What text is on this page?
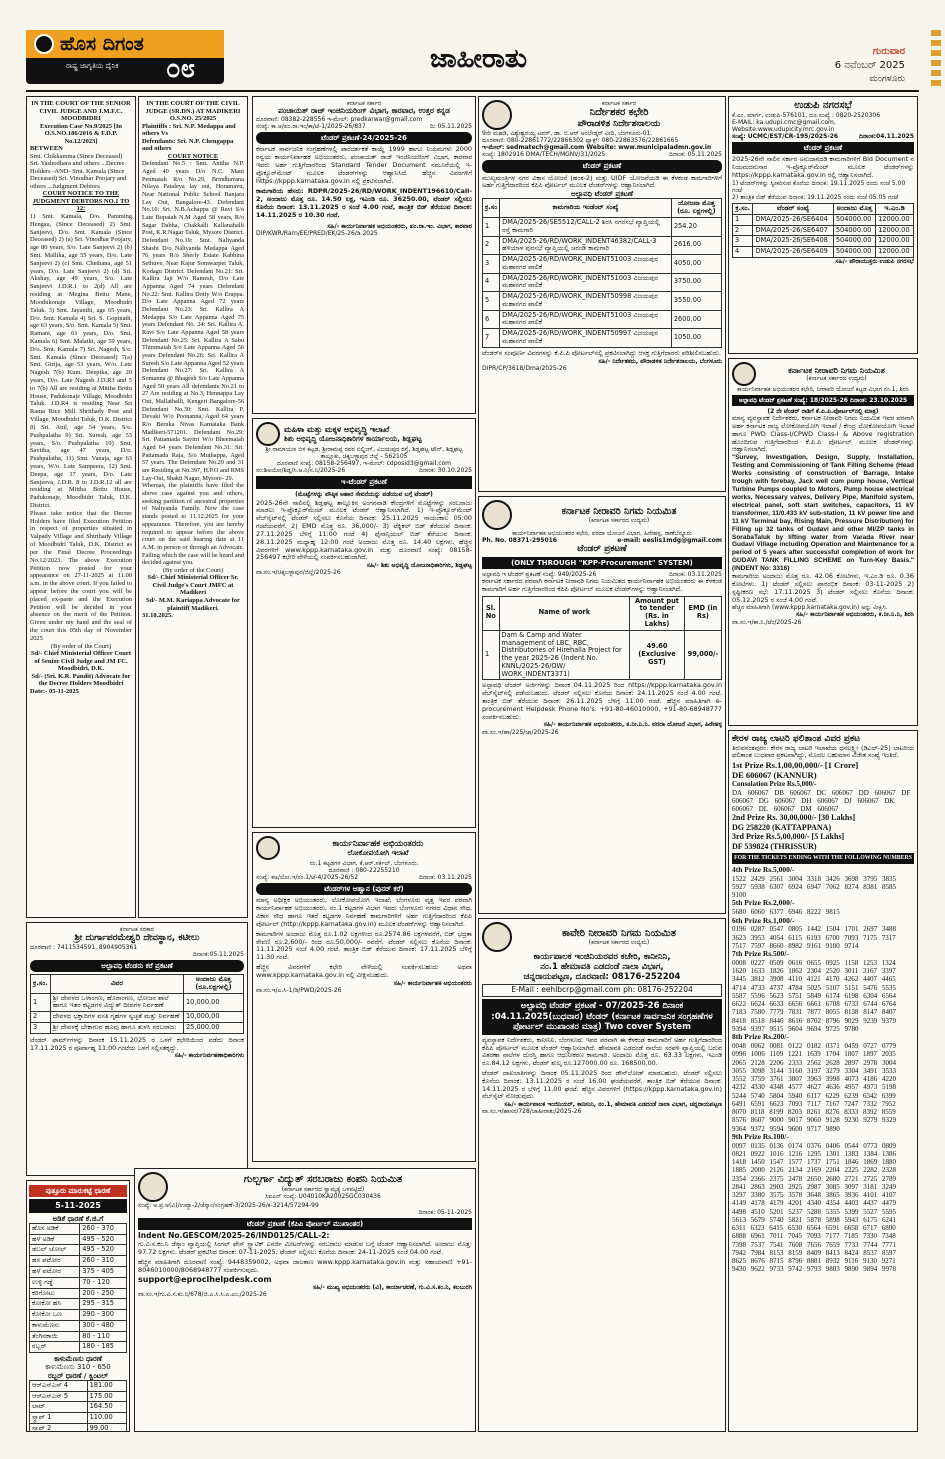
ಹೊಸ ದಿಗಂತ
ರಾಷ್ಟ್ರ ಜಾಗೃತಿಯ ದೈನಿಕ ೦೮	ಜಾಹೀರಾತು	ಗುರುವಾರ
6 ನವೆಂಬರ್ 2025
ಮಂಗಳೂರು
IN THE COURT OF THE SENIOR CIVIL JUDGE AND J.M.F.C. MOODBIDRI
Execution Case No.9/2025 [In O.S.NO.186/2016 & F.D.P. No.12/2023]
BETWEEN
Smt. Chikkamma (Since Deceased) Sri. Yashodhara and others ...Decree Holders -AND- Smt. Kamala (Since Deceased) Sri. Vinodhar Poojary and others ...Judgment Debtors
COURT NOTICE TO THE JUDGMENT DEBTORS NO.1 TO 12:
1) Smt. Kamala, D/o. Pamming Hengsu, (Since Deceased) 2) Smt. Sanjeevi, D/o. Smt. Kamala (Since Deceased) 2) (a) Sri. Vinodhar Poojary, age 80 years, S/o. Late Sanjeevi 2) (b) Smt. Mallika, age 55 years, D/o. Late Sanjeevi 2) (c) Smt. Chethana, age 51 years, D/o. Late Sanjeevi 2) (d) Sri. Akshay, age 49 years, S/o. Late Sanjeevi J.D.R.1 to 2(d) All are residing at Megina Bettu Mane, Moodukonaje Village, Moodbidri Taluk. 3) Smt. Jayanthi, age 65 years, D/o. Smt. Kamala 4) Sri. S. Gopinath, age 63 years, S/o. Smt. Kamala 5) Smt. Ramani, age 61 years, D/o. Smt. Kamala 6) Smt. Malathi, age 59 years, D/o. Smt. Kamala 7) Sri. Nagesh, S/o. Smt. Kamala (Since Deceased) 7(a) Smt. Girija, age 53 years, W/o. Late Nagesh 7(b) Kum. Deepika, age 20 years, D/o. Late Nagesh J.D.R3 and 5 to 7(b) All are residing at Mittha Bottu House, Padukonaje Village, Moodbidri Taluk. J.D.R4 is residing Near Sri Rama Rice Mill Shrithady Post and Village, Moodbidri Taluk, D.K. District 8) Sri. Anil, age 54 years, S/o. Pushpalatha 9) Sri. Suresh, age 53 years, S/o. Pushpalatha 10) Smt. Savitha, age 47 years, D/o. Pushpalatha, 11) Smt. Vanaja, age 63 years, W/o. Late Sampeera, 12) Smt. Deepa, age 37 years, D/o. Late Sanjeeva, J.D.R. 8 to J.D.R.12 all are residing at Mittha Bottu House, Padukonaje, Moodbidri Taluk, D.K. District.
Please take notice that the Decree Holders have filed Execution Petition in respect of properties situated in Valpady Village and Shirthady Village of Moodbidri Taluk, D.K. District as per the Final Decree Proceedings No.12/2023. The above Execution Petition now posted for your appearance on 27-11-2025 at 11.00 a.m. in the above court. If you failed to appear before the court you will be placed ex-parte and the Execution Petition will be decided in your absence on the merit of the Petition. Given under my hand and the seal of the court this 05th day of November 2025
(By order of the Court)
Sd/- Chief Ministerial Officer Court of Senior Civil Judge and JM FC. Moodbidri, D.K.
Sd/- (Sri. K.R. Pandit) Advocate for the Decree Holders Moodbidri
Date:- 05-11-2025
IN THE COURT OF THE CIVIL JUDGE (SR.DN.) AT MADIKERI
O.S.NO. 25/2025
Plaintiffs : Sri. N.P. Medappa and others Vs
Defendants: Sri. N.P. Chengappa and others
COURT NOTICE
Defendant No.5 : Smt. Anitha N.P. Aged 40 years D/o N.C. Mani Penmaiah R/o No.29, Brindhavana Nilaya Pataleya lay out, Horamavu, Near National Public School Banjara Lay Out, Bangalore-43. Defendant No.16: Sri. N.B.Achappa @ Ravi S/o Late Bopaiah N.M Aged 58 years, R/o Sagar Dabha, Chakkalli Kallanahalli Post, K.R.Nagar Taluk, Mysore District. Defendant No.19: Smt. Naliyanda Shashi D/o Naliyanda Medappa Aged 76 years R/o Sherly Estate Kabbina Sethuve, Near Kajur Somwarpet Taluk, Kodagu District. Defendant No.21: Sri. Kallira Jaji W/o Ramesh, D/o Late Appanna Aged 74 years Defendant No.22: Smt. Kallira Dotty W/o Erappa. D/o Late Appanna Aged 72 years Defendant No.23: Sri. Kallira A Medappa S/o Late Appanna Aged 75 years Defendant No. 24: Sri. Kallira A. Ravi S/o Late Appanna Aged 58 years Defendant No.25: Sri. Kallira A Sabu Thimmaiah S/o Late Appanna Aged 56 years Defendant No.26: Sri. Kallira A Suresh S/o Late Appanna Aged 52 years Defendant No.27: Sri. Kallira A Somanna @ Bhagesh S/o Late Appanna Aged 50 years All defendants No.21 to 27 Are residing at No.3, Hennappa Lay Out, Mallathalli, Kengeri Bangalore-56 Defendant No.30: Smt. Kallira P. Devaki W/o Poonanna, Aged 64 years R/o Beruka Nivas Karnataka Bank Madikeri-571201. Defendant No.29: Sri. Pattamada Savitri W/o Bheemaiah Aged 64 years Defendant No.31: Sri. Pattamada Raja, S/o Muthappa, Aged 57 years. The Defendant No.29 and 31 are Residing at No.397, H.P.O and RMS Lay-Out, Shakti Nagar, Mysore- 29.
Whereas, the plaintiffs have filed the above case against you and others, seeking partition of ancestral properties of Naliyanda Family. Now the case stands posted to 11.12.2025 for your appearance. Therefore, you are hereby required to appear before the above court on the said hearing date at 11 A.M. in person or through an Advocate. Failing which the case will be heard and decided against you.
(By order of the Court)
Sd/- Chief Ministerial Officer Sr. Civil Judge's Court JMFC at Madikeri
Sd/- M.M. Kariappa Advocate for plaintiff Madikeri.
31.10.2025.
ಕರ್ನಾಟಕ ಸರಕಾರ
ಶ್ರೀ ದುರ್ಗಾಪರಮೇಶ್ವರಿ ದೇವಸ್ಥಾನ, ಕಟೀಲು
ದೂರವಾಣಿ : 7411534591, 8904905361
ದಿನಾಂಕ:05.11.2025
ಅಲ್ಪಾವಧಿ ಟೆಂಡರು ಕರೆ ಪ್ರಕಟಣೆ
ಕ್ರ.ಸಂ.	ವಿವರ	ಅಂದಾಜು ಮೊತ್ತ (ರೂ.ಲಕ್ಷಗಳಲ್ಲಿ)
1	ಶ್ರೀ ದೇವಳದ ಒಳಾಂಗಣ, ಹೊರಾಂಗಣ, ಭೋಜನ ಶಾಲೆ ಹಾಗೂ ಇತರ ಕಟ್ಟಡಗಳ ವಿದ್ಯುತ್ ದೀಪಗಳ ನಿರ್ವಹಣೆ	10,000.00
2	ದೇವಳದ ಭಕ್ತಾದಿಗಳ ವಸತಿ ಗೃಹಗಳ ಸ್ವಚ್ಛತೆ ಮತ್ತು ನಿರ್ವಹಣೆ	10,000.00
3	ಶ್ರೀ ದೇವಳಕ್ಕೆ ಬೇಕಾಗುವ ಹೂವು ಹಾಗೂ ತುಳಸಿ ಸರಬರಾಜು	25,000.00
ಟೆಂಡರ್ ಫಾರ್ಮ್‌ಗಳನ್ನು ದಿನಾಂಕ 15.11.2025 ರ ಒಳಗೆ ಕಛೇರಿಯಿಂದ ಪಡೆದು ದಿನಾಂಕ 17.11.2025 ರ ಪೂರ್ವಾಹ್ನ 11.00 ಗಂಟೆಯ ಒಳಗೆ ಸಲ್ಲಿಸತಕ್ಕದ್ದು.
ಸಹಿ/- ಕಾರ್ಯನಿರ್ವಹಣಾಧಿಕಾರಿಗಳು
ಪುತ್ತೂರು ಮಾರುಕಟ್ಟೆ ಧಾರಣೆ
5-11-2025
ಅಡಿಕೆ ಧಾರಣೆ ಕೆ.ಜಿ.ಗೆ
ಹೊಸ ಅಡಿಕೆ	260 - 370
ಹಳೆ ಅಡಿಕೆ	495 - 520
ಡಬಲ್ ಚೋಲ್	495 - 520
ಹಸ ಪಟೋರ	260 - 310
ಹಳೆ ಪಟೋರ	375 - 405
ಉಳ್ಳಿ ಗಡ್ಡೆ	70 - 120
ಕರಿಗೋಟು	200 - 250
ಕೋಕೋ ಹಸಿ	295 - 315
ಕೋಕೋ ಒಣ	290 - 300
ಕಾಳುಮೆಣಸು	300 - 480
ತೆಂಗಿನಕಾಯಿ	80 - 110
ರಬ್ಬರ್	180 - 185
ಕಾಳುಮೆಣಸು ಧಾರಣೆ
ಕಾಳುಮೆಣಸು 310 - 650
ರಬ್ಬರ್ ಧಾರಣೆ / ಕ್ವಿಂಟಲ್
ಆರ್‌ಎಸ್ಎಸ್ 4	181.00
ಆರ್‌ಎಸ್ಎಸ್ 5	175.00
ಲಾಟ್	164.50
ಸ್ಕ್ರಾಪ್ 1	110.00
ಸ್ಕ್ರಾಪ್ 2	99.00
ಕರ್ನಾಟಕ ಸರ್ಕಾರ
ಪಂಚಾಯತ್ ರಾಜ್ ಇಂಜಿನಿಯರಿಂಗ್ ವಿಭಾಗ, ಕಾರವಾರ, ಉತ್ತರ ಕನ್ನಡ
ದೂರವಾಣಿ: 08382-228556 ಇ-ಮೇಲ್: predkarwar@gmail.com
ಸಂಖ್ಯೆ: ಕಾ.ಅ/ಪಂ.ರಾ.ಇಂ/ಕಾ/ಟೆ-1/2025-26/837	ದಿ: 05.11.2025
ಟೆಂಡರ್ ಪ್ರಕಟಣೆ-24/2025-26
ಕರ್ನಾಟಕ ಸಾರ್ವಜನಿಕ ಸಂಗ್ರಹಣೆಗಳಲ್ಲಿ ಪಾರದರ್ಶಕತೆ ಕಾಯ್ದೆ 1999 ಹಾಗೂ ನಿಯಮಗಳು 2000 ರನ್ವಯ ಕಾರ್ಯನಿರ್ವಾಹಕ ಅಭಿಯಂತರರು, ಪಂಚಾಯತ್ ರಾಜ್ ಇಂಜಿನಿಯರಿಂಗ್ ವಿಭಾಗ, ಕಾರವಾರ ಇವರು ಅರ್ಹ ಗುತ್ತಿಗೆದಾರರಿಂದ Standard Tender Document ನಮೂನೆಯಲ್ಲಿ ಇ-ಪ್ರೊಕ್ಯೂರ್‌ಮೆಂಟ್ ಮೂಲಕ ಟೆಂಡರ್‌ಗಳನ್ನು ಆಹ್ವಾನಿಸಿದೆ. ಹೆಚ್ಚಿನ ವಿವರಗಳಿಗೆ https://kppp.karnataka.gov.in ನಲ್ಲಿ ಪ್ರಕಟಿಸಲಾಗಿದೆ.
ಕಾಮಗಾರಿಯ ಹೆಸರು: RDPR/2025-26/RD/WORK_INDENT196610/Call-2, ಅಂದಾಜು ಮೊತ್ತ ರೂ. 14.50 ಲಕ್ಷ, ಇಎಂಡಿ ರೂ. 36250.00, ಟೆಂಡರ್ ಸಲ್ಲಿಸಲು ಕೊನೆಯ ದಿನಾಂಕ: 13.11.2025 ರ ಸಂಜೆ 4.00 ಗಂಟೆ, ತಾಂತ್ರಿಕ ಬಿಡ್ ತೆರೆಯುವ ದಿನಾಂಕ: 14.11.2025 ರ 10.30 ಗಂಟೆ.
ಸಹಿ/- ಕಾರ್ಯನಿರ್ವಾಹಕ ಅಭಿಯಂತರರು, ಪಂ.ರಾ.ಇಂ. ವಿಭಾಗ, ಕಾರವಾರ
DIP/KWR/Rarn/EE/PRED/EK/25-26/ಡಿ 2025
ಮಹಿಳಾ ಮತ್ತು ಮಕ್ಕಳ ಅಭಿವೃದ್ಧಿ ಇಲಾಖೆ
ಶಿಶು ಅಭಿವೃದ್ಧಿ ಯೋಜನಾಧಿಕಾರಿಗಳ ಕಾರ್ಯಾಲಯ, ಶಿಡ್ಲಘಟ್ಟ
ಶ್ರೀ ರಾಮಾಯಣ ಬಿಳಿ ಕಟ್ಟಡ, ಶ್ರೀರಾಮಪ್ಪ ರವರ ಬಿಲ್ಡಿಂಗ್, ವಿಜಯಪುರ ರಸ್ತೆ, ಶಿಡ್ಲಘಟ್ಟ ಟೌನ್, ಶಿಡ್ಲಘಟ್ಟ ತಾಲ್ಲೂಕು, ಚಿಕ್ಕಬಳ್ಳಾಪುರ ಜಿಲ್ಲೆ - 562105
ದೂರವಾಣಿ ಸಂಖ್ಯೆ: 08158-256497, ಇ-ಮೇಲ್: cdposid3@gmail.com
ಸಂ:ಶಿಅಯೋ/ಶಿಡ್ಲ/ಸಿ.ಆ.ನಿ/ಸ.ನಿ/2025-26	ದಿನಾಂಕ: 30.10.2025
ಇ-ಟೆಂಡರ್ ಪ್ರಕಟಣೆ
(ಮೊಟ್ಟೆಗಳನ್ನು ಪೌಷ್ಠಿಕ ಆಹಾರ ಸೇವನೆಯನ್ನು ಪಡೆಯುವ ಬಗ್ಗೆ ಟೆಂಡರ್)
2025-26ನೇ ಸಾಲಿನಲ್ಲಿ ಶಿಡ್ಲಘಟ್ಟ ತಾಲ್ಲೂಕಿನ ಅಂಗನವಾಡಿ ಕೇಂದ್ರಗಳಿಗೆ ಮೊಟ್ಟೆಗಳನ್ನು ಸರಬರಾಜು ಮಾಡಲು ಇ-ಪ್ರೊಕ್ಯೂರ್‌ಮೆಂಟ್ ಮೂಲಕ ಟೆಂಡರ್ ಆಹ್ವಾನಿಸಲಾಗಿದೆ. 1) ಇ-ಪ್ರೊಕ್ಯೂರ್‌ಮೆಂಟ್ ವೆಬ್‌ಸೈಟ್‌ನಲ್ಲಿ ಟೆಂಡರ್ ಸಲ್ಲಿಸಲು ಕೊನೆಯ ದಿನಾಂಕ: 25.11.2025 ಸಾಯಂಕಾಲ 05:00 ಗಂಟೆಯವರೆಗೆ. 2) EMD ಮೊತ್ತ ರೂ. 36,000/- 3) ಟೆಕ್ನಿಕಲ್ ಬಿಡ್ ತೆರೆಯುವ ದಿನಾಂಕ: 27.11.2025 ಬೆಳಿಗ್ಗೆ 11:00 ಗಂಟೆ 4) ಫೈನಾನ್ಸಿಯಲ್ ಬಿಡ್ ತೆರೆಯುವ ದಿನಾಂಕ: 28.11.2025 ಮಧ್ಯಾಹ್ನ 12:00 ಗಂಟೆ ಅಂದಾಜು ಮೊತ್ತ ರೂ. 14.40 ಲಕ್ಷಗಳು. ಹೆಚ್ಚಿನ ವಿವರಗಳಿಗೆ www.kppp.karnataka.gov.in ಮತ್ತು ದೂರವಾಣಿ ಸಂಖ್ಯೆ: 08158-256497 ಕಛೇರಿ ವೇಳೆಯಲ್ಲಿ ಸಂಪರ್ಕಿಸಬಹುದಾಗಿದೆ.
ಸಹಿ/- ಶಿಶು ಅಭಿವೃದ್ಧಿ ಯೋಜನಾಧಿಕಾರಿಗಳು, ಶಿಡ್ಲಘಟ್ಟ
ವಾ.ಸಂ.ಇ/ಚಿಕ್ಕಬಳ್ಳಾಪುರ/ಜಿಲ್ಲೆ/2025-26
ಕಾರ್ಯನಿರ್ವಾಹಕ ಅಭಿಯಂತರರು
ಲೋಕೋಪಯೋಗಿ ಇಲಾಖೆ
ನಂ.1 ಕಟ್ಟಡಗಳ ವಿಭಾಗ, ಕೆ.ಆರ್.ಸರ್ಕಲ್, ಬೆಂಗಳೂರು.
ದೂರವಾಣಿ : 080-22255210
ಸಂಖ್ಯೆ: ಕಅ/ಲೋ.ಇ/ನಂ.1/ಟೆ-4/2025-26/52	ದಿನಾಂಕ: 03.11.2025
ಟೆಂಡರ್‌ಗಳ ಆಹ್ವಾನ (ಪುನರ್ ಕರೆ)
ಮಾನ್ಯ ಅಧೀಕ್ಷಕ ಅಭಿಯಂತರರು, ಲೋಕೋಪಯೋಗಿ ಇಲಾಖೆ, ಬೆಂಗಳೂರು ವೃತ್ತ ಇವರ ಪರವಾಗಿ ಕಾರ್ಯನಿರ್ವಾಹಕ ಅಭಿಯಂತರರು, ನಂ.1 ಕಟ್ಟಡಗಳ ವಿಭಾಗ ಇವರು ಬೆಂಗಳೂರು ನಗರದ ವಿಧಾನ ಸೌಧ, ವಿಕಾಸ ಸೌಧ ಹಾಗೂ ಇತರೆ ಕಟ್ಟಡಗಳ ನಿರ್ವಹಣೆ ಕಾಮಗಾರಿಗಳಿಗೆ ಅರ್ಹ ಗುತ್ತಿಗೆದಾರರಿಂದ ಕೆಪಿಪಿ ಪೋರ್ಟಲ್ (http://kppp.karnataka.gov.in) ಮೂಲಕ ಟೆಂಡರ್‌ಗಳನ್ನು ಆಹ್ವಾನಿಸಲಾಗಿದೆ.
ಕಾಮಗಾರಿಗಳ ಅಂದಾಜು ಮೊತ್ತ ರೂ.1.02 ಲಕ್ಷಗಳಿಂದ ರೂ.2574.86 ಲಕ್ಷಗಳವರೆಗೆ, ಬಿಡ್ ಭದ್ರತಾ ಠೇವಣಿ ರೂ.2,600/- ರಿಂದ ರೂ.50,000/- ರವರೆಗೆ. ಟೆಂಡರ್ ಸಲ್ಲಿಸಲು ಕೊನೆಯ ದಿನಾಂಕ: 11.11.2025 ಸಂಜೆ 4.00 ಗಂಟೆ. ತಾಂತ್ರಿಕ ಬಿಡ್ ತೆರೆಯುವ ದಿನಾಂಕ: 17.11.2025 ಬೆಳಿಗ್ಗೆ 11.30 ಗಂಟೆ.
ಹೆಚ್ಚಿನ ವಿವರಗಳಿಗೆ ಕಛೇರಿ ವೇಳೆಯಲ್ಲಿ ಸಂಪರ್ಕಿಸಬಹುದು ಅಥವಾ www.kppp.karnataka.gov.in ನಲ್ಲಿ ವೀಕ್ಷಿಸಬಹುದು.
ಸಹಿ/- ಕಾರ್ಯನಿರ್ವಾಹಕ ಅಭಿಯಂತರರು
ವಾ.ಸಂ.ಇ/ಎ.ಸಿ-1/ಡಿ/PWD/2025-26
ಗುಲ್ಬರ್ಗಾ ವಿದ್ಯುತ್ ಸರಬರಾಜು ಕಂಪನಿ ನಿಯಮಿತ
(ಕರ್ನಾಟಕ ಸರ್ಕಾರದ ಸ್ವಾಮ್ಯಕ್ಕೆ ಒಳಪಟ್ಟಿದೆ)
ಸಿಐಎನ್ ಸಂಖ್ಯೆ: U04010KA2002SGC030436
ಸಂಖ್ಯೆ: ಅ.ಪ್ರ.ಅ(ವಿ)/ಉವ್ಯಾ-2/ಜೆಸ್ಕಾಂ/ಸಂಗ್ರಹಣೆ-3/2025-26/ಕ-3214/57294-99
ದಿನಾಂಕ: 05-11-2025
ಟೆಂಡರ್ ಪ್ರಕಟಣೆ (ಕೆಪಿಪಿ ಪೋರ್ಟಲ್ ಮುಖಾಂತರ)
Indent No.GESCOM/2025-26/IND0125/CALL-2:
ಗು.ವಿ.ಸ.ಕಂ.ನಿ ಜೆಸ್ಕಾಂ ವ್ಯಾಪ್ತಿಯಲ್ಲಿ ಸಿಂಗಲ್ ಫೇಸ್ ಸ್ಟ್ಯಾಟಿಕ್ ಎನರ್ಜಿ ಮೀಟರ್‌ಗಳನ್ನು ಸರಬರಾಜು ಮಾಡುವ ಬಗ್ಗೆ ಟೆಂಡರ್ ಆಹ್ವಾನಿಸಲಾಗಿದೆ. ಅಂದಾಜು ಮೊತ್ತ: 97.72 ಲಕ್ಷಗಳು. ಟೆಂಡರ್ ಪ್ರಕಟಿಸಿದ ದಿನಾಂಕ: 07-11-2025, ಟೆಂಡರ್ ಸಲ್ಲಿಸಲು ಕೊನೆಯ ದಿನಾಂಕ: 24-11-2025 ಸಂಜೆ 04.00 ಗಂಟೆ.
ಹೆಚ್ಚಿನ ಮಾಹಿತಿಗಾಗಿ ದೂರವಾಣಿ ಸಂಖ್ಯೆ: 9448359002, ಅಥವಾ ಜಾಲತಾಣ www.kppp.karnataka.gov.in ಮತ್ತು ಸಹಾಯವಾಣಿ +91-8046010000/8068948777 ಸಂಪರ್ಕಿಸುವುದು.
support@eproclhelpdesk.com
ಸಹಿ/- ಮುಖ್ಯ ಅಭಿಯಂತರರು (ವಿ), ಕಾರ್ಯಾಚರಣೆ, ಗು.ವಿ.ಸ.ಕಂ.ನಿ, ಕಲಬುರಗಿ
ವಾ.ಸಂ.ಇ/ಗು.ವಿ.ಸ.ಕಂ.ನಿ/678/ಜಿ.ಎ.ಸಿ.ಸಿ.ಎ.ಎಂ./2025-26
ಕರ್ನಾಟಕ ಸರ್ಕಾರ
ನಿರ್ದೇಶಕರ ಕಛೇರಿ
ಪೌರಾಡಳಿತ ನಿರ್ದೇಶನಾಲಯ
9ನೇ ಮಹಡಿ, ವಿಶ್ವೇಶ್ವರಯ್ಯ ಟವರ್, ಡಾ. ಬಿ.ಆರ್ ಅಂಬೇಡ್ಕರ್ ವೀದಿ, ಬೆಂಗಳೂರು-01.
ದೂರವಾಣಿ: 080-22861772/22866302 ಫ್ಯಾಕ್ಸ್: 080-22863576/22861665
ಇ-ಮೇಲ್: sedmatech@gmail.com Website: www.municipaladmn.gov.in
ಸಂಖ್ಯೆ: 1802916 DMA/TECH/MGNV/31/2025	ದಿನಾಂಕ: 05.11.2025
ಟೆಂಡರ್ ಪ್ರಕಟಣೆ
ಮುಖ್ಯಮಂತ್ರಿಗಳ ನಗರ ವಿಕಾಸ ಯೋಜನೆ (ಹಂತ-2) ಮತ್ತು UIDF ಯೋಜನೆಯಡಿ ಈ ಕೆಳಕಂಡ ಕಾಮಗಾರಿಗಳಿಗೆ ಅರ್ಹ ಗುತ್ತಿಗೆದಾರರಿಂದ ಕೆಪಿಪಿ ಪೋರ್ಟಲ್ ಮೂಲಕ ಟೆಂಡರ್‌ಗಳನ್ನು ಆಹ್ವಾನಿಸಲಾಗಿದೆ.
ಅಲ್ಪಾವಧಿ ಟೆಂಡರ್ ಪ್ರಕಟಣೆ
ಕ್ರ.ಸಂ	ಕಾಮಗಾರಿಯ ಇಂಡೆಂಟ್ ಸಂಖ್ಯೆ	ಯೋಜನಾ ಮೊತ್ತ (ರೂ. ಲಕ್ಷಗಳಲ್ಲಿ)
1	DMA/2025-26/SE5512/CALL-2 ಶಿರಸಿ ನಗರಸಭೆ ವ್ಯಾಪ್ತಿಯಲ್ಲಿ ರಸ್ತೆ ಕಾಮಗಾರಿ	254.20
2	DMA/2025-26/RD/WORK_INDENT46382/CALL-3 ಹಳಿಯಾಳ ಪುರಸಭೆ ವ್ಯಾಪ್ತಿಯಲ್ಲಿ ಚರಂಡಿ ಕಾಮಗಾರಿ	2616.00
3	DMA/2025-26/RD/WORK_INDENT51003 ವಿಜಯಪುರ ಮಹಾನಗರ ಪಾಲಿಕೆ	4050.00
4	DMA/2025-26/RD/WORK_INDENT51003 ವಿಜಯಪುರ ಮಹಾನಗರ ಪಾಲಿಕೆ	3750.00
5	DMA/2025-26/RD/WORK_INDENT50998 ವಿಜಯಪುರ ಮಹಾನಗರ ಪಾಲಿಕೆ	3550.00
6	DMA/2025-26/RD/WORK_INDENT51003 ವಿಜಯಪುರ ಮಹಾನಗರ ಪಾಲಿಕೆ	2600.00
7	DMA/2025-26/RD/WORK_INDENT50997 ವಿಜಯಪುರ ಮಹಾನಗರ ಪಾಲಿಕೆ	1050.00
ಟೆಂಡರ್‌ನ ಸಂಪೂರ್ಣ ವಿವರಗಳನ್ನು ಕೆ.ಪಿ.ಪಿ ಪೋರ್ಟಲ್‌ನಲ್ಲಿ ಪ್ರಕಟಿಸಲಾಗಿದ್ದು ಆಸಕ್ತ ಗುತ್ತಿಗೆದಾರರು ಪರಿಶೀಲಿಸಬಹುದು.
ಸಹಿ/- ನಿರ್ದೇಶಕರು, ಪೌರಾಡಳಿತ ನಿರ್ದೇಶನಾಲಯ, ಬೆಂಗಳೂರು
DIPR/CP/3618/Dma/2025-26
ಕರ್ನಾಟಕ ನೀರಾವರಿ ನಿಗಮ ನಿಯಮಿತ
(ಕರ್ನಾಟಕ ಸರ್ಕಾರದ ಉದ್ಯಮ)
ಕಾರ್ಯನಿರ್ವಾಹಕ ಅಭಿಯಂತರರ ಕಛೇರಿ, ವರದಾ ಯೋಜನೆ ವಿಭಾಗ, ಹಿರೇಹಳ್ಳ, ರಾಣೆಬೆನ್ನೂರು
Ph. No. 08371-295016	e-mail: eeslis1mdg@gmail.com
ಟೆಂಡರ್ ಪ್ರಕಟಣೆ
(ONLY THROUGH "KPP-Procurement" SYSTEM)
ಅಲ್ಪಾವಧಿ ಇ ಟೆಂಡರ್ ಪ್ರಕಟಣೆ ಸಂಖ್ಯೆ: 949/2025-26	ದಿನಾಂಕ: 03.11.2025
ಕರ್ನಾಟಕ ಸರ್ಕಾರದ ಪರವಾಗಿ ಕರ್ನಾಟಕ ನೀರಾವರಿ ನಿಗಮ ನಿಯಮಿತದ ಕಾರ್ಯನಿರ್ವಾಹಕ ಅಭಿಯಂತರರು ಈ ಕೆಳಕಂಡ ಕಾಮಗಾರಿಗೆ ಅರ್ಹ ಗುತ್ತಿಗೆದಾರರಿಂದ ಕೆಪಿಪಿ ಪೋರ್ಟಲ್ ಮೂಲಕ ಟೆಂಡರ್‌ಗಳನ್ನು ಆಹ್ವಾನಿಸಲಾಗಿದೆ.
Sl. No	Name of work	Amount put to tender (Rs. in Lakhs)	EMD (in Rs)
1	Dam & Camp and Water management of LBC, RBC, Distributories of Hirehalla Project for the year 2025-26 (Indent No. KNNL/2025-26/OW/ WORK_INDENT3371)	49.60 (Exclusive GST)	99,000/-
ಅಲ್ಪಾವಧಿ ಟೆಂಡರ್ ಅರ್ಜಿಗಳನ್ನು ದಿನಾಂಕ 04.11.2025 ರಿಂದ https://kppp.karnataka.gov.in ವೆಬ್‌ಸೈಟ್‌ನಲ್ಲಿ ಪಡೆಯಬಹುದು. ಟೆಂಡರ್ ಸಲ್ಲಿಸಲು ಕೊನೆಯ ದಿನಾಂಕ: 24.11.2025 ಸಂಜೆ 4.00 ಗಂಟೆ. ತಾಂತ್ರಿಕ ಬಿಡ್ ತೆರೆಯುವ ದಿನಾಂಕ: 26.11.2025 ಬೆಳಿಗ್ಗೆ 11.00 ಗಂಟೆ. ಹೆಚ್ಚಿನ ಮಾಹಿತಿಗಾಗಿ e-procurement Helpdesk Phone No's: +91-80-46010000, +91-80-68948777 ಸಂಪರ್ಕಿಸಬಹುದು.
ಸಹಿ/- ಕಾರ್ಯನಿರ್ವಾಹಕ ಅಭಿಯಂತರರು, ಕ.ನೀ.ನಿ.ನಿ. ವರದಾ ಯೋಜನೆ ವಿಭಾಗ, ಹಿರೇಹಳ್ಳ
ವಾ.ಸಂ.ಇ/ಹಾ/225/ಜಾ/2025-26
ಕಾವೇರಿ ನೀರಾವರಿ ನಿಗಮ ನಿಯಮಿತ
(ಕರ್ನಾಟಕ ಸರ್ಕಾರದ ಉದ್ಯಮ)
ಕಾರ್ಯಪಾಲಕ ಇಂಜಿನಿಯರವರ ಕಚೇರಿ, ಕಾನೀನಿನಿ,
ನಂ.1 ಹೇಮಾವತಿ ಎಡದಂಡೆ ನಾಲಾ ವಿಭಾಗ,
ಚನ್ನರಾಯಪಟ್ಟಣ, ದೂರವಾಣಿ: 08176-252204
E-Mail : eehlbcrp@gmail.com ph: 08176-252204
ಅಲ್ಪಾವಧಿ ಟೆಂಡರ್ ಪ್ರಕಟಣೆ - 07/2025-26 ದಿನಾಂಕ :04.11.2025(ಬುಧವಾರ) ಟೆಂಡರ್ (ಕರ್ನಾಟಕ ಸಾರ್ವಜನಿಕ ಸಂಗ್ರಹಣೆಗಳ ಪೋರ್ಟಲ್ ಮುಖಾಂತರ ಮಾತ್ರ) Two cover System
ವ್ಯವಸ್ಥಾಪಕ ನಿರ್ದೇಶಕರು, ಕಾನೀನಿನಿ, ಬೆಂಗಳೂರು ಇವರ ಪರವಾಗಿ ಈ ಕೆಳಕಂಡ ಕಾಮಗಾರಿಗೆ ಅರ್ಹ ಗುತ್ತಿಗೆದಾರರಿಂದ ಕೆಪಿಪಿ ಪೋರ್ಟಲ್ ಮೂಲಕ ಟೆಂಡರ್ ಆಹ್ವಾನಿಸಲಾಗಿದೆ. ಹೇಮಾವತಿ ಎಡದಂಡೆ ನಾಲೆಯ ಸರಪಳಿ ವ್ಯಾಪ್ತಿಯಲ್ಲಿ ಬರುವ ವಿತರಣಾ ನಾಲೆಗಳ ದುರಸ್ತಿ ಹಾಗೂ ಆಧುನೀಕರಣ ಕಾಮಗಾರಿ. ಅಂದಾಜು ಮೊತ್ತ ರೂ. 63.33 ಲಕ್ಷಗಳು, ಇಎಂಡಿ ರೂ.84.12 ಲಕ್ಷಗಳು, ಟೆಂಡರ್ ಶುಲ್ಕ ರೂ.127000.00 ರೂ. 168500.00.
ಟೆಂಡರ್ ದಾಖಲಾತಿಗಳನ್ನು ದಿನಾಂಕ 05.11.2025 ರಿಂದ ಡೌನ್‌ಲೋಡ್ ಮಾಡಬಹುದು. ಟೆಂಡರ್ ಸಲ್ಲಿಸಲು ಕೊನೆಯ ದಿನಾಂಕ: 13.11.2025 ರ ಸಂಜೆ 16.00 ಘಂಟೆಯವರೆಗೆ. ತಾಂತ್ರಿಕ ಬಿಡ್ ತೆರೆಯುವ ದಿನಾಂಕ: 14.11.2025 ರ ಬೆಳಿಗ್ಗೆ 11.00 ಘಂಟೆ. ಹೆಚ್ಚಿನ ವಿವರಗಳಿಗೆ (https://kppp.karnataka.gov.in) ವೆಬ್‌ಸೈಟ್ ನೋಡುವುದು.
ಸಹಿ/- ಕಾರ್ಯಪಾಲಕ ಇಂಜಿನಿಯರ್, ಕಾನೀನಿನಿ, ನಂ.1, ಹೇಮಾವತಿ ಎಡದಂಡೆ ನಾಲಾ ವಿಭಾಗ, ಚನ್ನರಾಯಪಟ್ಟಣ
ವಾ.ಸಂ.ಇ/ಹಾಸನ/728/ಜಾಹೀರಾತು/2025-26
ಉಡುಪಿ ನಗರಸಭೆ
ಕೆ.ಎಂ. ಮಾರ್ಗ, ಉಡುಪಿ-576101, ದೂ.ಸಂಖ್ಯೆ : 0820-2520306
E-MAIL: ka.udupi.cmc@gmail.com, Website:www.udupicity.mrc.gov.in
ಸಂಖ್ಯೆ: UCMC/EST/CR-195/2025-26	ದಿನಾಂಕ:04.11.2025
ಟೆಂಡರ್ ಪ್ರಕಟಣೆ
2025-26ನೇ ಸಾಲಿನ ಸರ್ಕಾರ ಅನುದಾನದಡಿ ಕಾಮಗಾರಿಗಳಿಗೆ Bid Document ನ ನಿಯಮದನುಸಾರ ಇ-ಪ್ರೊಕ್ಯೂರ್‌ಮೆಂಟ್ ಮೂಲಕ ಟೆಂಡರ್‌ಗಳನ್ನು https://kppp.karnataka.gov.in ರಲ್ಲಿ ಆಹ್ವಾನಿಸಲಾಗಿದೆ.
1) ಟೆಂಡರ್‌ಗಳನ್ನು ಸ್ವೀಕರಿಸುವ ಕೊನೆಯ ದಿನಾಂಕ: 19.11.2025 ರಂದು ಸಂಜೆ 5.00 ಗಂಟೆ
2) ತಾಂತ್ರಿಕ ಬಿಡ್ ತೆರೆಯುವ ದಿನಾಂಕ: 19.11.2025 ರಂದು ಸಂಜೆ 05.05 ಗಂಟೆ
ಕ್ರ.ಸಂ.	ಟೆಂಡರ್ ಸಂಖ್ಯೆ	ಅಂದಾಜು ಮೊತ್ತ	ಇ.ಎಂ.ಡಿ
1	DMA/2025-26/SE6404	504000.00	12000.00
2	DMA/2025-26/SE6407	504000.00	12000.00
3	DMA/2025-26/SE6408	504000.00	12000.00
4	DMA/2025-26/SE6409	504000.00	12000.00
ಸಹಿ/- ಪೌರಾಯುಕ್ತರು ಉಡುಪಿ ನಗರಸಭೆ
ಕರ್ನಾಟಕ ನೀರಾವರಿ ನಿಗಮ ನಿಯಮಿತ
(ಕರ್ನಾಟಕ ಸರ್ಕಾರದ ಉದ್ಯಮ)
ಕಾರ್ಯನಿರ್ವಾಹಕ ಅಭಿಯಂತರರ ಕಛೇರಿ, ನೀರಾವರಿ ಯೋಜನೆ ಕಟ್ಟಡ ವಿಭಾಗ ನಂ.1, ಶಿರಸಿ
ಅಲ್ಪಾವಧಿ ಟೆಂಡರ್ ಪ್ರಕಟಣೆ ಸಂಖ್ಯೆ: 18/2025-26 ದಿನಾಂಕ: 23.10.2025
(2 ನೇ ಟೆಂಡರ್ ರಾಶಿಗೆ ಕೆ.ಪಿ.ಪಿ.ಪೋರ್ಟಲ್‌ನಲ್ಲಿ ಮಾತ್ರ)
ಮಾನ್ಯ ವ್ಯವಸ್ಥಾಪಕ ನಿರ್ದೇಶಕರು, ಕರ್ನಾಟಕ ನೀರಾವರಿ ನಿಗಮ ನಿಯಮಿತ ಇವರ ಪರವಾಗಿ ಅರ್ಹ ಕರ್ನಾಟಕ ರಾಜ್ಯ ಲೋಕೋಪಯೋಗಿ ಇಲಾಖೆ / ಕೇಂದ್ರ ಲೋಕೋಪಯೋಗಿ ಇಲಾಖೆ ಹಾಗೂ PWD Class-I/CPWD Class-I & Above registration ಹೊಂದಿರುವ ಗುತ್ತಿಗೆದಾರರಿಂದ ಕೆ.ಪಿ.ಪಿ ಪೋರ್ಟಲ್ ಮೂಲಕ ಟೆಂಡರ್‌ಗಳನ್ನು ಆಹ್ವಾನಿಸಲಾಗಿದೆ.
"Survey, Investigation, Design, Supply, Installation, Testing and Commissioning of Tank Filling Scheme (Head Works consisting of construction of Barrage, Intake trough with forebay, Jack well cum pump house, Vertical Turbine Pumps coupled to Motors, Pump house electrical works, Necessary valves, Delivery Pipe, Manifold system, electrical panel, soft start switches, capacitors, 11 kV transformer, 11/0.433 kV sub-station, 11 kV power line and 11 kV Terminal bay, Rising Main, Pressure Distribution) for Filling up 32 tanks of Gudavi and other MI/ZP tanks in SorabaTaluk by lifting water from Varada River near Gudavi Village including Operation and Maintenance for a period of 5 years after successful completion of work for GUDAVI TANK FILLING SCHEME on Turn-Key Basis." (INDENT No: 3316)
ಕಾಮಗಾರಿಯ ಅಂದಾಜು ಮೊತ್ತ ರೂ. 42.06 ಕೋಟಿಗಳು, ಇ.ಎಂ.ಡಿ ರೂ. 0.36 ಕೋಟಿಗಳು. 1) ಟೆಂಡರ್ ಸಲ್ಲಿಸಲು ಪ್ರಾರಂಭಿಕ ದಿನಾಂಕ: 03-11-2025 2) ಸ್ಪಷ್ಟೀಕರಣ ಸಭೆ: 17.11.2025 3) ಟೆಂಡರ್ ಸಲ್ಲಿಸಲು ಕೊನೆಯ ದಿನಾಂಕ: 05.12.2025 ರ ಸಂಜೆ 4.00 ಗಂಟೆ.
ಹೆಚ್ಚಿನ ಮಾಹಿತಿಗಾಗಿ (www.kppp.karnataka.gov.in) ಅನ್ನು ವೀಕ್ಷಿಸಿ.
ಸಹಿ/- ಕಾರ್ಯನಿರ್ವಾಹಕ ಅಭಿಯಂತರರು, ಕ.ನೀ.ನಿ.ನಿ, ಶಿರಸಿ
ವಾ.ಸಂ.ಇ/ಕಾ.ನಿ./ಟೆಂ/2025-26
ಕೇರಳ ರಾಜ್ಯ ಲಾಟರಿ ಫಲಿತಾಂಶ ವಿವರ ಪ್ರಕಟ
ತಿರುವನಂತಪುರಂ: ಕೇರಳ ರಾಜ್ಯ ಲಾಟರಿ ಇಲಾಖೆಯ ಧನಲಕ್ಷ್ಮೀ (ಡಿಎಲ್-25) ಲಾಟರಿಯ ಫಲಿತಾಂಶ ಬುಧವಾರ ಪ್ರಕಟವಾಗಿದ್ದು, ಮೊದಲ ಬಹುಮಾನ ವಿಜೇತ ಸಂಖ್ಯೆ ಇಂತಿದೆ.
1st Prize Rs.1,00,00,000/- [1 Crore]
DE 606067 (KANNUR)
Consolation Prize Rs.5,000/-
DA 606067 DB 606067 DC 606067 DD 606067 DF 606067 DG 606067 DH 606067 DJ 606067 DK 606067 DL 606067 DM 606067
2nd Prize Rs. 30,00,000/- [30 Lakhs]
DG 258220 (KATTAPPANA)
3rd Prize Rs.5,00,000/- [5 Lakhs]
DF 539824 (THRISSUR)
FOR THE TICKETS ENDING WITH THE FOLLOWING NUMBERS
4th Prize Rs.5,000/-
1522 2429 2561 3004 3318 3426 3698 3795 3835 5927 5938 6307 6924 6947 7062 8274 8381 8585 9100
5th Prize Rs.2,000/-
5680 6060 6377 6946 8222 9815
6th Prize Rs.1,000/-
0196 0287 0547 0805 1442 1504 1701 2697 3488 3623 3953 4054 6115 6193 6700 7093 7175 7317 7517 7597 8660 8982 9161 9180 9714
7th Prize Rs.500/-
0008 0227 0509 0616 0655 0925 1158 1253 1324 1620 1633 1826 1862 2304 2520 3011 3167 3397 3445 3812 3908 4110 4121 4170 4262 4407 4465 4714 4733 4737 4784 5025 5107 5151 5476 5535 5587 5596 5623 5751 5849 6174 6198 6304 6564 6622 6624 6633 6656 6661 6708 6733 6744 6764 7183 7580 7779 7831 7877 8055 8138 8147 8407 8418 8518 8446 8616 8702 8796 9029 9239 9379 9394 9397 9515 9604 9694 9725 9780
8th Prize Rs.200/-
0048 0062 0081 0122 0182 0371 0459 0727 0779 0996 1006 1109 1221 1639 1704 1807 1897 2035 2065 2128 2206 2333 2562 2628 2897 2978 3004 3055 3098 3144 3160 3197 3279 3304 3491 3533 3552 3759 3761 3807 3963 3998 4073 4186 4220 4232 4330 4348 4577 4627 4636 4957 4973 5198 5244 5740 5804 5940 6117 6229 6239 6342 6399 6491 6591 6623 7093 7117 7167 7247 7332 7952 8070 8118 8199 8203 8261 8276 8333 8392 8559 8576 8607 9000 9017 9060 9128 9230 9279 9329 9364 9372 9594 9600 9717 9890
9th Prize Rs.100/-
0097 0135 0136 0174 0376 0406 0544 0773 0809 0821 0922 1016 1216 1295 1301 1383 1384 1386 1418 1450 1547 1577 1737 1751 1846 1869 1880 1885 2000 2126 2134 2169 2204 2225 2282 2328 2354 2366 2375 2478 2650 2680 2721 2725 2789 2841 2863 2903 2925 2987 3085 3097 3181 3249 3297 3380 3575 3578 3648 3865 3936 4101 4107 4149 4178 4179 4201 4340 4354 4403 4437 4479 4498 4510 5201 5237 5288 5355 5399 5527 5595 5613 5679 5740 5821 5878 5898 5943 6175 6241 6311 6323 6415 6530 6564 6591 6658 6717 6800 6888 6961 7011 7045 7093 7177 7185 7330 7348 7398 7537 7541 7608 7656 7659 7733 7744 7771 7942 7984 8153 8159 8409 8413 8424 8537 8597 8625 8676 8715 8796 8881 8932 9116 9130 9271 9430 9622 9733 9742 9793 9803 9890 9894 9978
